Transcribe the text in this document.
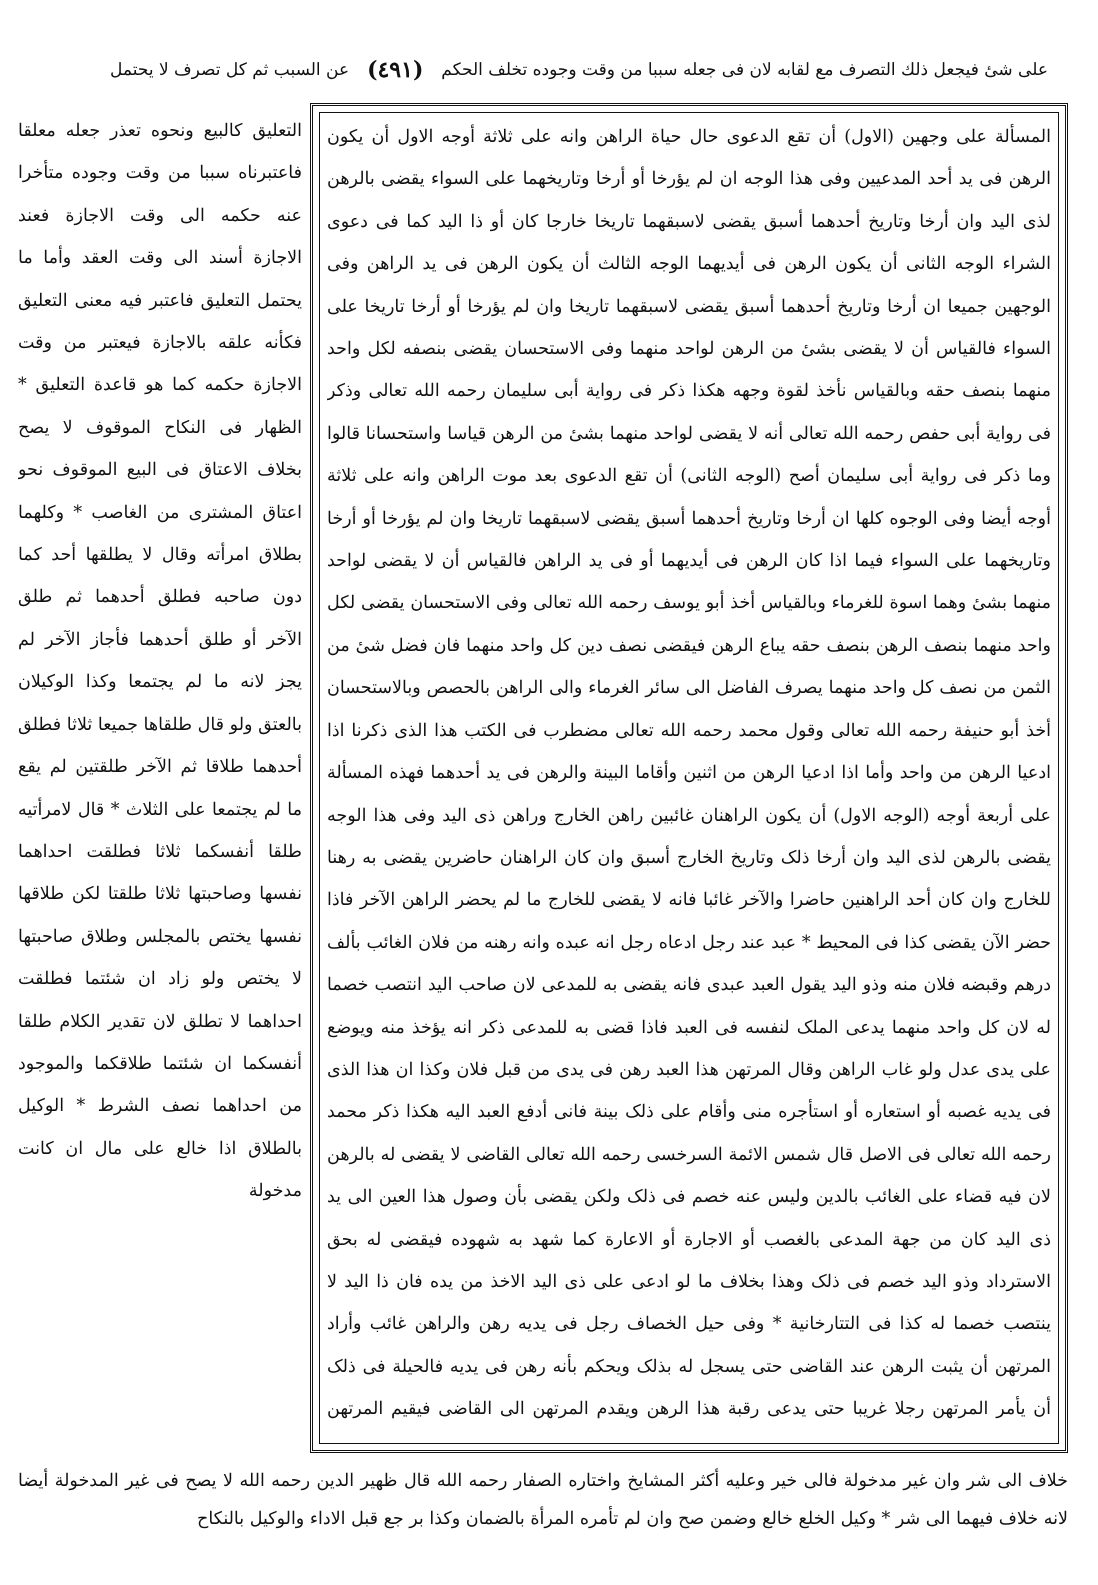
علی شیٔ فیجعل ذلك التصرف مع لقابه لان فی جعله سببا من وقت وجوده تخلف الحکم
(٤٩١)
عن السبب ثم کل تصرف لا یحتمل

المسألة علی وجهین (الاول) أن تقع الدعوی حال حیاة الراهن وانه علی ثلاثة أوجه الاول أن یکون الرهن فی ید أحد المدعیین وفی هذا الوجه ان لم یؤرخا أو أرخا وتاریخهما علی السواء یقضی بالرهن لذی الید وان أرخا وتاریخ أحدهما أسبق یقضی لاسبقهما تاریخا خارجا کان أو ذا الید کما فی دعوی الشراء الوجه الثانی أن یکون الرهن فی أیدیهما الوجه الثالث أن یکون الرهن فی ید الراهن وفی الوجهین جمیعا ان أرخا وتاریخ أحدهما أسبق یقضی لاسبقهما تاریخا وان لم یؤرخا أو أرخا تاریخا علی السواء فالقیاس أن لا یقضی بشیٔ من الرهن لواحد منهما وفی الاستحسان یقضی بنصفه لکل واحد منهما بنصف حقه وبالقیاس نأخذ لقوة وجهه هکذا ذکر فی روایة أبی سلیمان رحمه الله تعالی وذکر فی روایة أبی حفص رحمه الله تعالی أنه لا یقضی لواحد منهما بشیٔ من الرهن قیاسا واستحسانا قالوا وما ذکر فی روایة أبی سلیمان أصح (الوجه الثانی) أن تقع الدعوی بعد موت الراهن وانه علی ثلاثة أوجه أیضا وفی الوجوه کلها ان أرخا وتاریخ أحدهما أسبق یقضی لاسبقهما تاریخا وان لم یؤرخا أو أرخا وتاریخهما علی السواء فیما اذا کان الرهن فی أیدیهما أو فی ید الراهن فالقیاس أن لا یقضی لواحد منهما بشیٔ وهما اسوة للغرماء وبالقیاس أخذ أبو یوسف رحمه الله تعالی وفی الاستحسان یقضی لکل واحد منهما بنصف الرهن بنصف حقه یباع الرهن فیقضی نصف دین کل واحد منهما فان فضل شیٔ من الثمن من نصف کل واحد منهما یصرف الفاضل الی سائر الغرماء والی الراهن بالحصص وبالاستحسان أخذ أبو حنیفة رحمه الله تعالی وقول محمد رحمه الله تعالی مضطرب فی الکتب هذا الذی ذکرنا اذا ادعیا الرهن من واحد وأما اذا ادعیا الرهن من اثنین وأقاما البینة والرهن فی ید أحدهما فهذه المسألة علی أربعة أوجه (الوجه الاول) أن یکون الراهنان غائبین راهن الخارج وراهن ذی الید وفی هذا الوجه یقضی بالرهن لذی الید وان أرخا ذلک وتاریخ الخارج أسبق وان کان الراهنان حاضرین یقضی به رهنا للخارج وان کان أحد الراهنین حاضرا والآخر غائبا فانه لا یقضی للخارج ما لم یحضر الراهن الآخر فاذا حضر الآن یقضی کذا فی المحیط * عبد عند رجل ادعاه رجل انه عبده وانه رهنه من فلان الغائب بألف درهم وقبضه فلان منه وذو الید یقول العبد عبدی فانه یقضی به للمدعی لان صاحب الید انتصب خصما له لان کل واحد منهما یدعی الملک لنفسه فی العبد فاذا قضی به للمدعی ذکر انه یؤخذ منه ویوضع علی یدی عدل ولو غاب الراهن وقال المرتهن هذا العبد رهن فی یدی من قبل فلان وکذا ان هذا الذی فی یدیه غصبه أو استعاره أو استأجره منی وأقام علی ذلک بینة فانی أدفع العبد الیه هکذا ذکر محمد رحمه الله تعالی فی الاصل قال شمس الائمة السرخسی رحمه الله تعالی القاضی لا یقضی له بالرهن لان فیه قضاء علی الغائب بالدین ولیس عنه خصم فی ذلک ولکن یقضی بأن وصول هذا العین الی ید ذی الید کان من جهة المدعی بالغصب أو الاجارة أو الاعارة کما شهد به شهوده فیقضی له بحق الاسترداد وذو الید خصم فی ذلک وهذا بخلاف ما لو ادعی علی ذی الید الاخذ من یده فان ذا الید لا ینتصب خصما له کذا فی التتارخانیة * وفی حیل الخصاف رجل فی یدیه رهن والراهن غائب وأراد المرتهن أن یثبت الرهن عند القاضی حتی یسجل له بذلک ویحکم بأنه رهن فی یدیه فالحیلة فی ذلک أن یأمر المرتهن رجلا غریبا حتی یدعی رقبة هذا الرهن ویقدم المرتهن الی القاضی فیقیم المرتهن

التعلیق کالبیع ونحوه تعذر جعله معلقا فاعتبرناه سببا من وقت وجوده متأخرا عنه حکمه الی وقت الاجازة فعند الاجازة أسند الی وقت العقد وأما ما یحتمل التعلیق فاعتبر فیه معنی التعلیق فکأنه علقه بالاجازة فیعتبر من وقت الاجازة حکمه کما هو قاعدة التعلیق * الظهار فی النکاح الموقوف لا یصح بخلاف الاعتاق فی البیع الموقوف نحو اعتاق المشتری من الغاصب * وکلهما بطلاق امرأته وقال لا یطلقها أحد کما دون صاحبه فطلق أحدهما ثم طلق الآخر أو طلق أحدهما فأجاز الآخر لم یجز لانه ما لم یجتمعا وکذا الوکیلان بالعتق ولو قال طلقاها جمیعا ثلاثا فطلق أحدهما طلاقا ثم الآخر طلقتین لم یقع ما لم یجتمعا علی الثلاث * قال لامرأتیه طلقا أنفسکما ثلاثا فطلقت احداهما نفسها وصاحبتها ثلاثا طلقتا لکن طلاقها نفسها یختص بالمجلس وطلاق صاحبتها لا یختص ولو زاد ان شئتما فطلقت احداهما لا تطلق لان تقدیر الکلام طلقا أنفسکما ان شئتما طلاقکما والموجود من احداهما نصف الشرط * الوکیل بالطلاق اذا خالع علی مال ان کانت مدخولة

خلاف الی شر وان غیر مدخولة فالی خیر وعلیه أکثر المشایخ واختاره الصفار رحمه الله قال ظهیر الدین رحمه الله لا یصح فی غیر المدخولة أیضا لانه خلاف فیهما الی شر * وکیل الخلع خالع وضمن صح وان لم تأمره المرأة بالضمان وکذا بر جع قبل الاداء والوکیل بالنکاح
